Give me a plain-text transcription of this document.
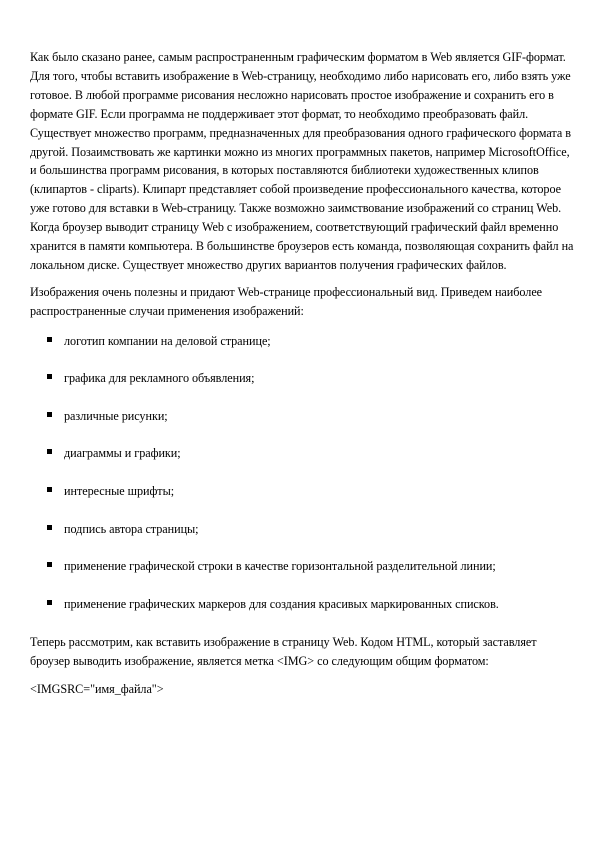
Как было сказано ранее, самым распространенным графическим форматом в Web является GIF-формат. Для того, чтобы вставить изображение в Web-страницу, необходимо либо нарисовать его, либо взять уже готовое. В любой программе рисования несложно нарисовать простое изображение и сохранить его в формате GIF. Если программа не поддерживает этот формат, то необходимо преобразовать файл. Существует множество программ, предназначенных для преобразования одного графического формата в другой. Позаимствовать же картинки можно из многих программных пакетов, например MicrosoftOffice, и большинства программ рисования, в которых поставляются библиотеки художественных клипов (клипартов - cliparts). Клипарт представляет собой произведение профессионального качества, которое уже готово для вставки в Web-страницу. Также возможно заимствование изображений со страниц Web. Когда броузер выводит страницу Web с изображением, соответствующий графический файл временно хранится в памяти компьютера. В большинстве броузеров есть команда, позволяющая сохранить файл на локальном диске. Существует множество других вариантов получения графических файлов.

Изображения очень полезны и придают Web-странице профессиональный вид. Приведем наиболее распространенные случаи применения изображений:

логотип компании на деловой странице;
графика для рекламного объявления;
различные рисунки;
диаграммы и графики;
интересные шрифты;
подпись автора страницы;
применение графической строки в качестве горизонтальной разделительной линии;
применение графических маркеров для создания красивых маркированных списков.

Теперь рассмотрим, как вставить изображение в страницу Web. Кодом HTML, который заставляет броузер выводить изображение, является метка <IMG> со следующим общим форматом:

<IMGSRC="имя_файла">
